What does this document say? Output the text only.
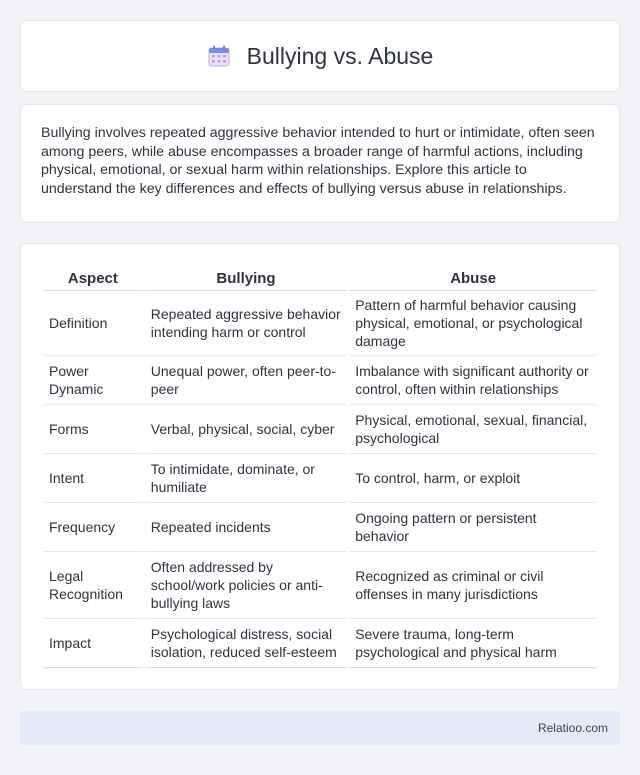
Bullying vs. Abuse

Bullying involves repeated aggressive behavior intended to hurt or intimidate, often seen among peers, while abuse encompasses a broader range of harmful actions, including physical, emotional, or sexual harm within relationships. Explore this article to understand the key differences and effects of bullying versus abuse in relationships.

Aspect	Bullying	Abuse
Definition	Repeated aggressive behavior intending harm or control	Pattern of harmful behavior causing physical, emotional, or psychological damage
Power Dynamic	Unequal power, often peer-to-peer	Imbalance with significant authority or control, often within relationships
Forms	Verbal, physical, social, cyber	Physical, emotional, sexual, financial, psychological
Intent	To intimidate, dominate, or humiliate	To control, harm, or exploit
Frequency	Repeated incidents	Ongoing pattern or persistent behavior
Legal Recognition	Often addressed by school/work policies or anti-bullying laws	Recognized as criminal or civil offenses in many jurisdictions
Impact	Psychological distress, social isolation, reduced self-esteem	Severe trauma, long-term psychological and physical harm
Relatioo.com
